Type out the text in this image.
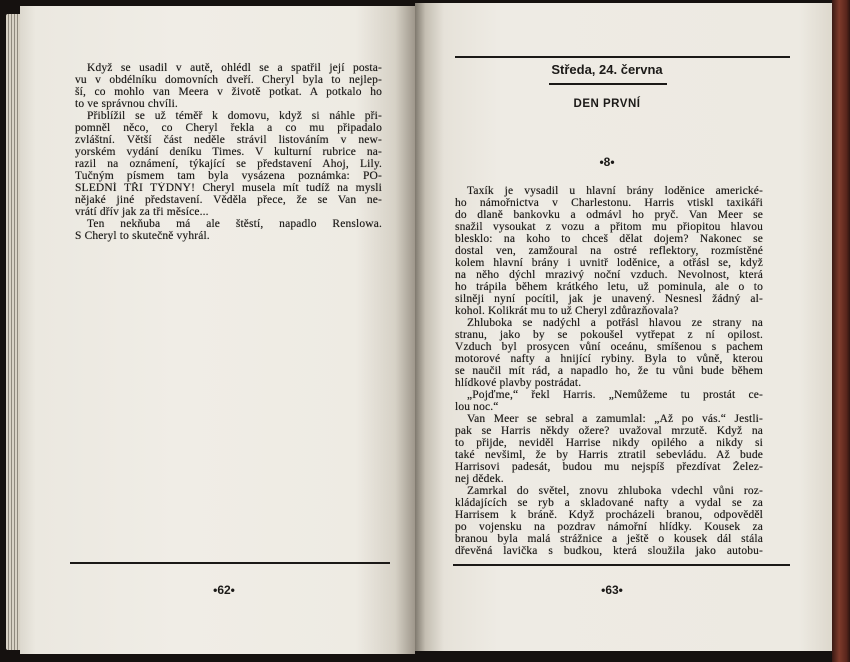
Když se usadil v autě, ohlédl se a spatřil její posta-
vu v obdélníku domovních dveří. Cheryl byla to nejlep-
ší, co mohlo van Meera v životě potkat. A potkalo ho
to ve správnou chvíli.
Přiblížil se už téměř k domovu, když si náhle při-
pomněl něco, co Cheryl řekla a co mu připadalo
zvláštní. Větší část neděle strávil listováním v new-
yorském vydání deníku Times. V kulturní rubrice na-
razil na oznámení, týkající se představení Ahoj, Lily.
Tučným písmem tam byla vysázena poznámka: PO-
SLEDNÍ TŘI TÝDNY! Cheryl musela mít tudíž na mysli
nějaké jiné představení. Věděla přece, že se Van ne-
vrátí dřív jak za tři měsíce...
Ten nekňuba má ale štěstí, napadlo Renslowa.
S Cheryl to skutečně vyhrál.
•62•
Středa, 24. června
DEN PRVNÍ
•8•
Taxík je vysadil u hlavní brány loděnice americké-
ho námořnictva v Charlestonu. Harris vtiskl taxikáři
do dlaně bankovku a odmávl ho pryč. Van Meer se
snažil vysoukat z vozu a přitom mu přiopitou hlavou
blesklo: na koho to chceš dělat dojem? Nakonec se
dostal ven, zamžoural na ostré reflektory, rozmístěné
kolem hlavní brány i uvnitř loděnice, a otřásl se, když
na něho dýchl mrazivý noční vzduch. Nevolnost, která
ho trápila během krátkého letu, už pominula, ale o to
silněji nyní pocítil, jak je unavený. Nesnesl žádný al-
kohol. Kolikrát mu to už Cheryl zdůrazňovala?
Zhluboka se nadýchl a potřásl hlavou ze strany na
stranu, jako by se pokoušel vytřepat z ní opilost.
Vzduch byl prosycen vůní oceánu, smíšenou s pachem
motorové nafty a hnijící rybiny. Byla to vůně, kterou
se naučil mít rád, a napadlo ho, že tu vůni bude během
hlídkové plavby postrádat.
„Pojďme,“ řekl Harris. „Nemůžeme tu prostát ce-
lou noc.“
Van Meer se sebral a zamumlal: „Až po vás.“ Jestli-
pak se Harris někdy ožere? uvažoval mrzutě. Když na
to přijde, neviděl Harrise nikdy opilého a nikdy si
také nevšiml, že by Harris ztratil sebevládu. Až bude
Harrisovi padesát, budou mu nejspíš přezdívat Želez-
nej dědek.
Zamrkal do světel, znovu zhluboka vdechl vůni roz-
kládajících se ryb a skladované nafty a vydal se za
Harrisem k bráně. Když procházeli branou, odpověděl
po vojensku na pozdrav námořní hlídky. Kousek za
branou byla malá strážnice a ještě o kousek dál stála
dřevěná lavička s budkou, která sloužila jako autobu-
•63•
